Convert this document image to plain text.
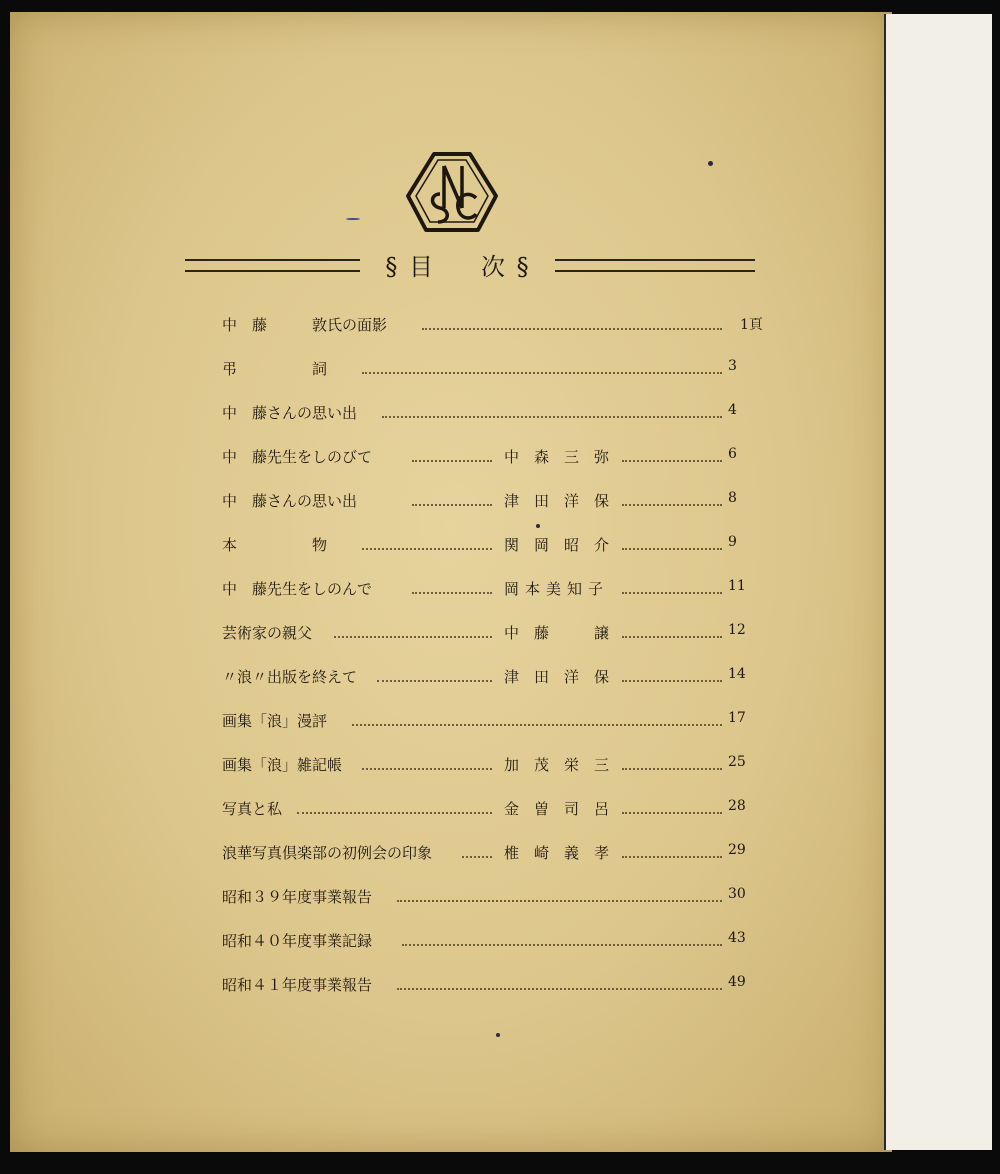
§ 目 次 §
中　藤　　　敦氏の面影	1頁
弔　　　　　詞	3
中　藤さんの思い出	4
中　藤先生をしのびて	中森三弥	6
中　藤さんの思い出	津田洋保	8
本　　　　　物	関岡昭介	9
中　藤先生をしのんで	岡本美知子	11
芸術家の親父	中藤　譲	12
〃浪〃出版を終えて	津田洋保	14
画集「浪」漫評	17
画集「浪」雑記帳	加茂栄三	25
写真と私	金曽司呂	28
浪華写真倶楽部の初例会の印象	椎崎義孝	29
昭和３９年度事業報告	30
昭和４０年度事業記録	43
昭和４１年度事業報告	49
